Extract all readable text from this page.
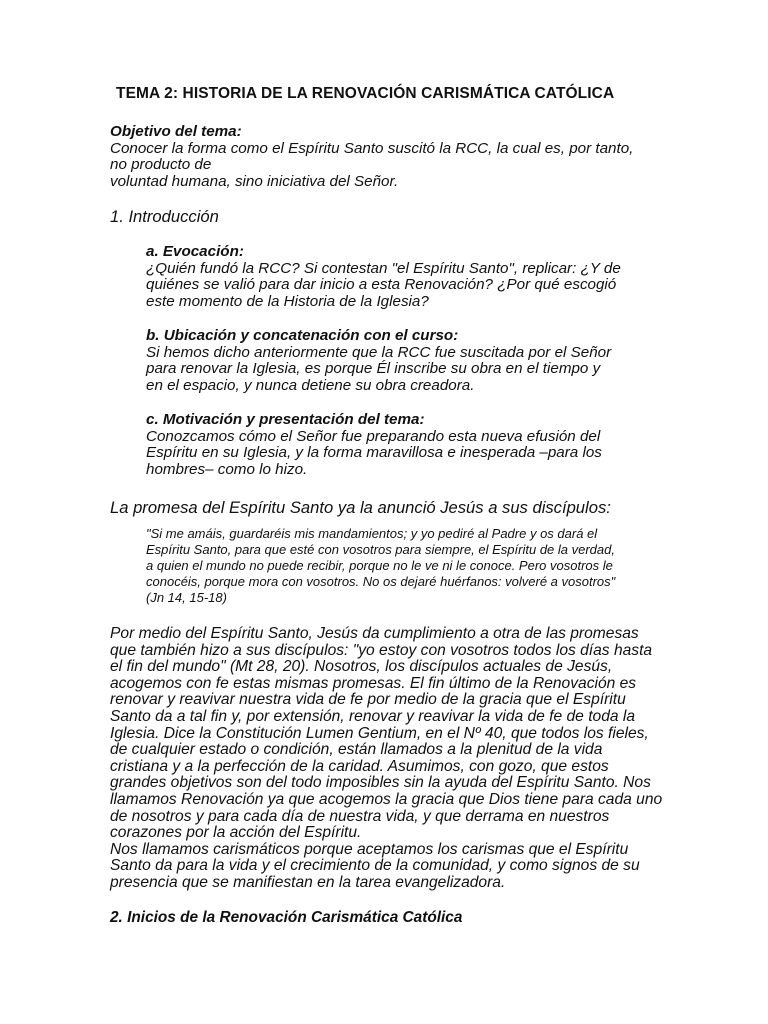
TEMA 2: HISTORIA DE LA RENOVACIÓN CARISMÁTICA CATÓLICA
Objetivo del tema:
Conocer la forma como el Espíritu Santo suscitó la RCC, la cual es, por tanto,
no producto de
voluntad humana, sino iniciativa del Señor.
1. Introducción
a. Evocación:
¿Quién fundó la RCC? Si contestan "el Espíritu Santo", replicar: ¿Y de
quiénes se valió para dar inicio a esta Renovación? ¿Por qué escogió
este momento de la Historia de la Iglesia?
b. Ubicación y concatenación con el curso:
Si hemos dicho anteriormente que la RCC fue suscitada por el Señor
para renovar la Iglesia, es porque Él inscribe su obra en el tiempo y
en el espacio, y nunca detiene su obra creadora.
c. Motivación y presentación del tema:
Conozcamos cómo el Señor fue preparando esta nueva efusión del
Espíritu en su Iglesia, y la forma maravillosa e inesperada –para los
hombres– como lo hizo.
La promesa del Espíritu Santo ya la anunció Jesús a sus discípulos:
"Si me amáis, guardaréis mis mandamientos; y yo pediré al Padre y os dará el
Espíritu Santo, para que esté con vosotros para siempre, el Espíritu de la verdad,
a quien el mundo no puede recibir, porque no le ve ni le conoce. Pero vosotros le
conocéis, porque mora con vosotros. No os dejaré huérfanos: volveré a vosotros"
(Jn 14, 15-18)
Por medio del Espíritu Santo, Jesús da cumplimiento a otra de las promesas
que también hizo a sus discípulos: "yo estoy con vosotros todos los días hasta
el fin del mundo" (Mt 28, 20). Nosotros, los discípulos actuales de Jesús,
acogemos con fe estas mismas promesas. El fin último de la Renovación es
renovar y reavivar nuestra vida de fe por medio de la gracia que el Espíritu
Santo da a tal fin y, por extensión, renovar y reavivar la vida de fe de toda la
Iglesia. Dice la Constitución Lumen Gentium, en el Nº 40, que todos los fieles,
de cualquier estado o condición, están llamados a la plenitud de la vida
cristiana y a la perfección de la caridad. Asumimos, con gozo, que estos
grandes objetivos son del todo imposibles sin la ayuda del Espíritu Santo. Nos
llamamos Renovación ya que acogemos la gracia que Dios tiene para cada uno
de nosotros y para cada día de nuestra vida, y que derrama en nuestros
corazones por la acción del Espíritu.
Nos llamamos carismáticos porque aceptamos los carismas que el Espíritu
Santo da para la vida y el crecimiento de la comunidad, y como signos de su
presencia que se manifiestan en la tarea evangelizadora.
2. Inicios de la Renovación Carismática Católica
